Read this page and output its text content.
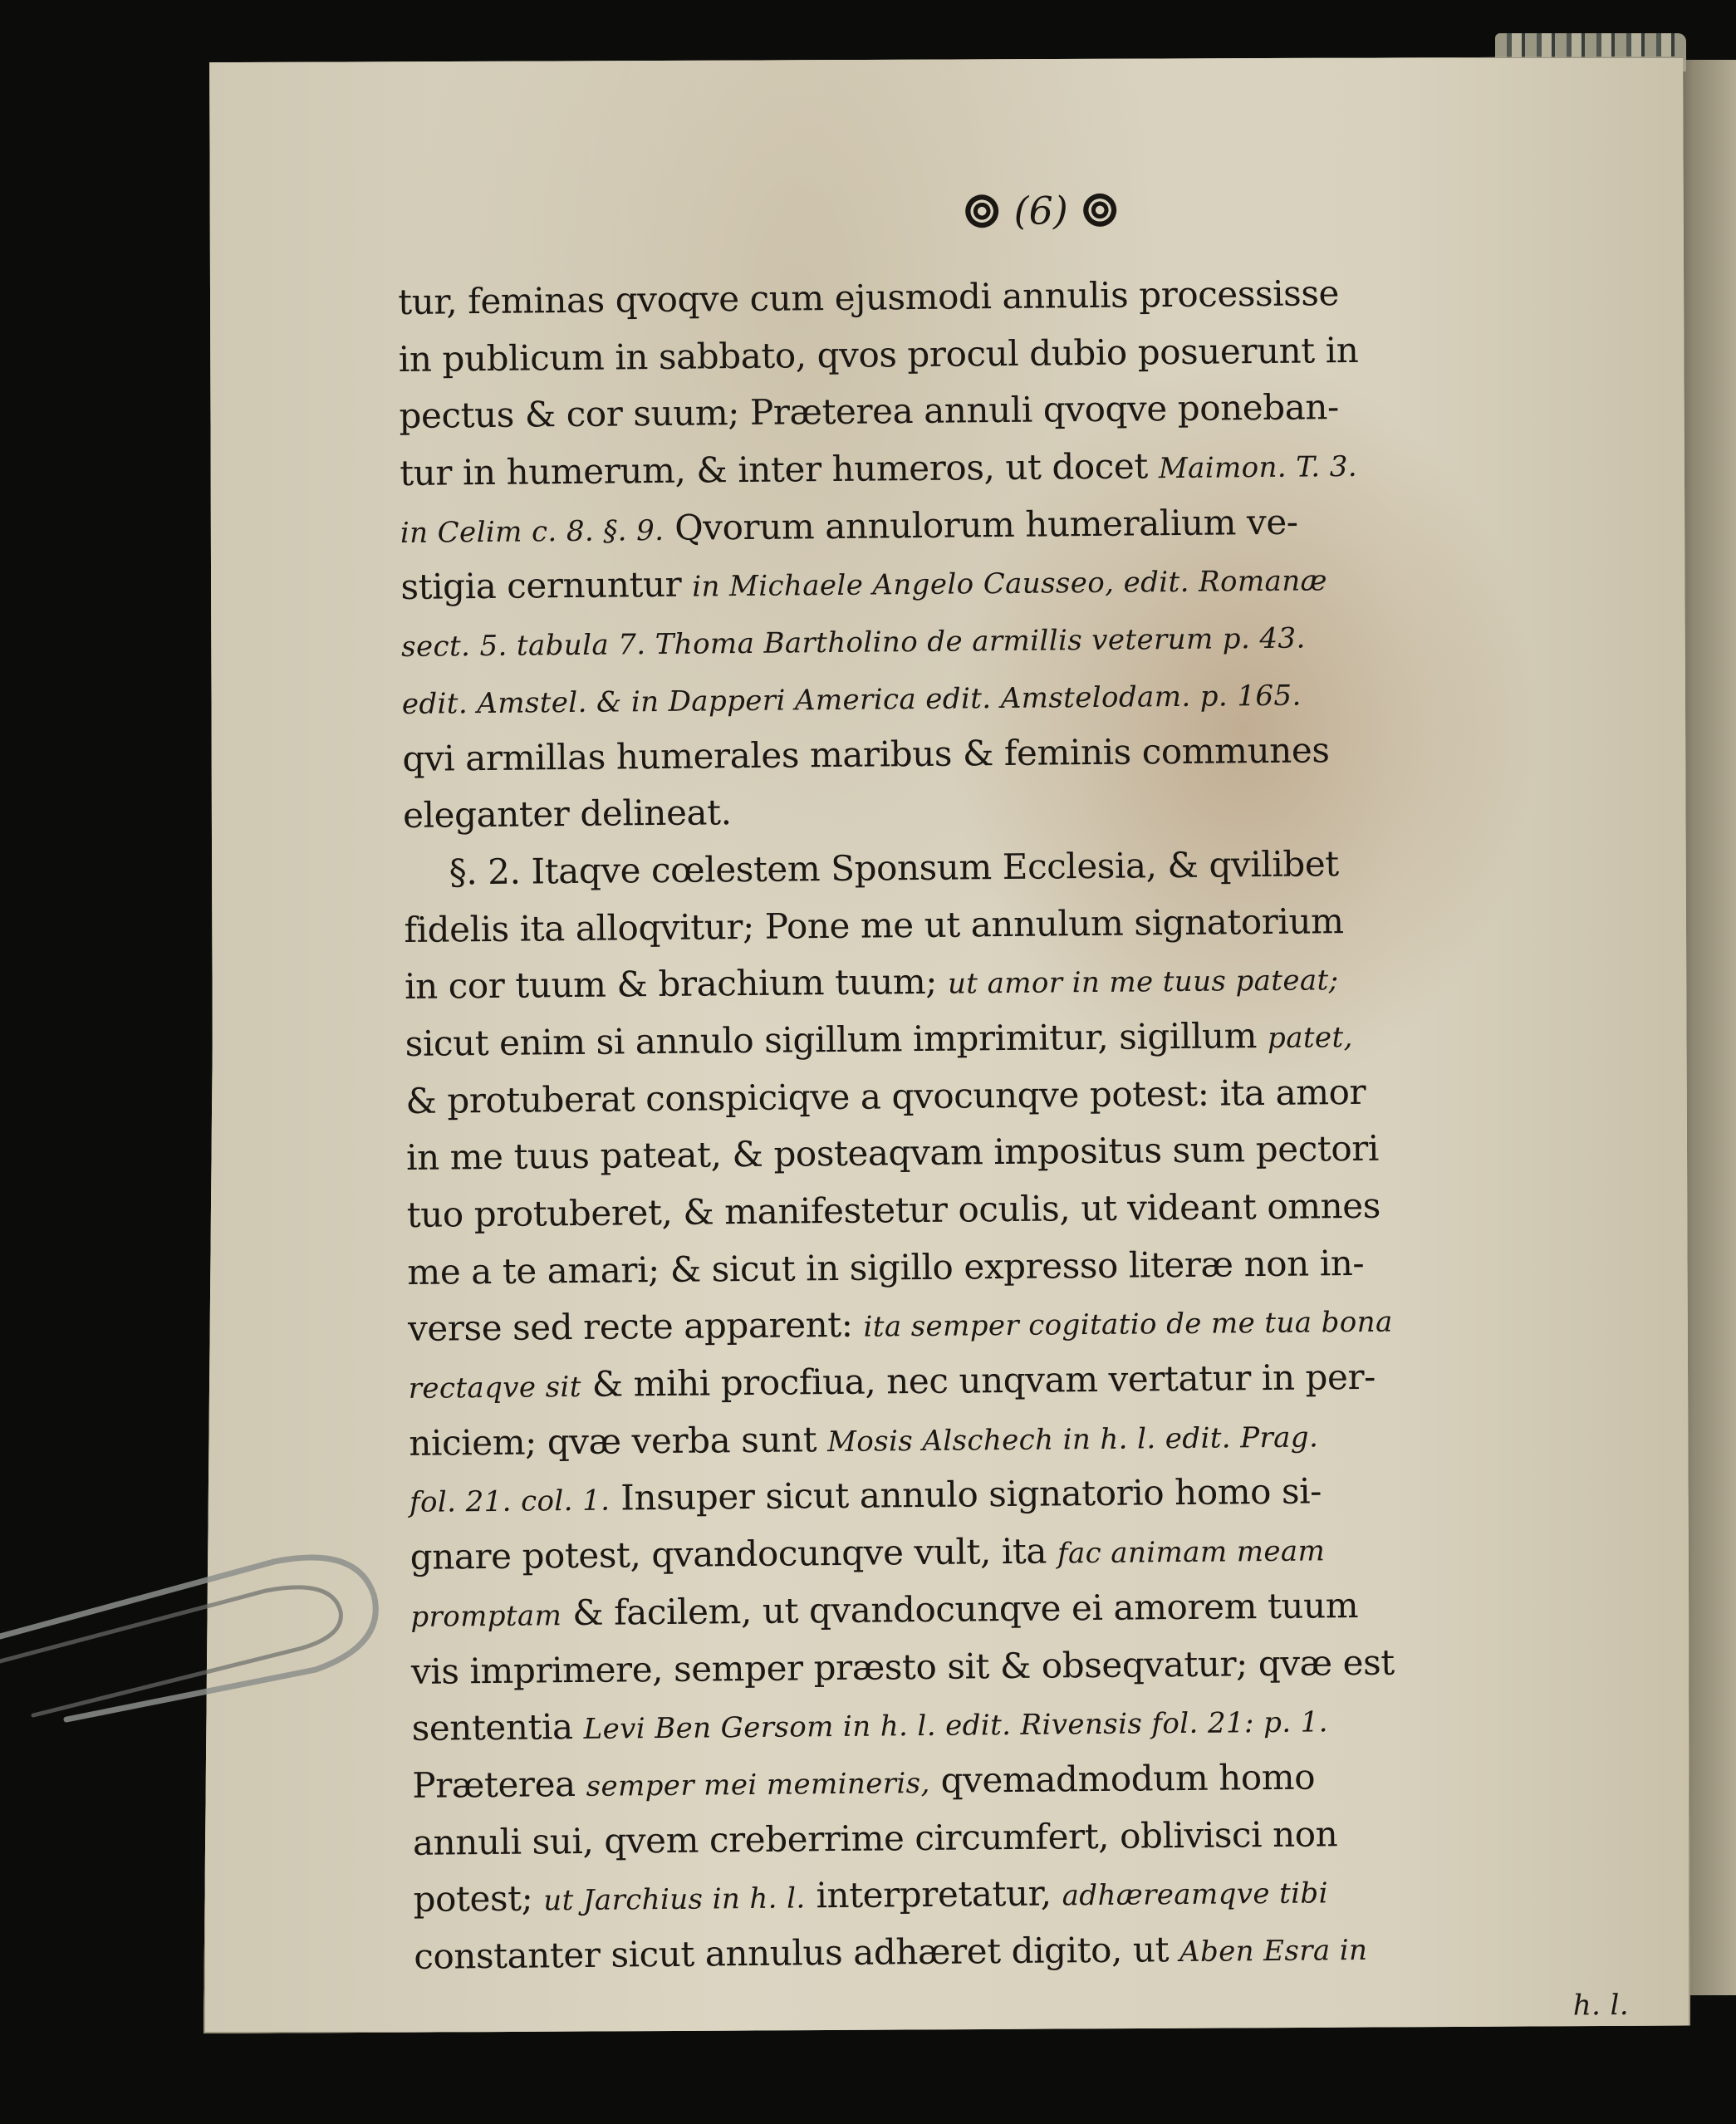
(6)
tur, feminas qvoqve cum ejusmodi annulis processisse
in publicum in sabbato, qvos procul dubio posuerunt in
pectus & cor suum; Præterea annuli qvoqve poneban-
tur in humerum, & inter humeros, ut docet Maimon. T. 3.
in Celim c. 8. §. 9. Qvorum annulorum humeralium ve-
stigia cernuntur in Michaele Angelo Causseo, edit. Romanæ
sect. 5. tabula 7. Thoma Bartholino de armillis veterum p. 43.
edit. Amstel. & in Dapperi America edit. Amstelodam. p. 165.
qvi armillas humerales maribus & feminis communes
eleganter delineat.
§. 2. Itaqve cœlestem Sponsum Ecclesia, & qvilibet
fidelis ita alloqvitur; Pone me ut annulum signatorium
in cor tuum & brachium tuum; ut amor in me tuus pateat;
sicut enim si annulo sigillum imprimitur, sigillum patet,
& protuberat conspiciqve a qvocunqve potest: ita amor
in me tuus pateat, & posteaqvam impositus sum pectori
tuo protuberet, & manifestetur oculis, ut videant omnes
me a te amari; & sicut in sigillo expresso literæ non in-
verse sed recte apparent: ita semper cogitatio de me tua bona
rectaqve sit & mihi procfiua, nec unqvam vertatur in per-
niciem; qvæ verba sunt Mosis Alschech in h. l. edit. Prag.
fol. 21. col. 1. Insuper sicut annulo signatorio homo si-
gnare potest, qvandocunqve vult, ita fac animam meam
promptam & facilem, ut qvandocunqve ei amorem tuum
vis imprimere, semper præsto sit & obseqvatur; qvæ est
sententia Levi Ben Gersom in h. l. edit. Rivensis fol. 21: p. 1.
Præterea semper mei memineris, qvemadmodum homo
annuli sui, qvem creberrime circumfert, oblivisci non
potest; ut Jarchius in h. l. interpretatur, adhæreamqve tibi
constanter sicut annulus adhæret digito, ut Aben Esra in
h. l.
